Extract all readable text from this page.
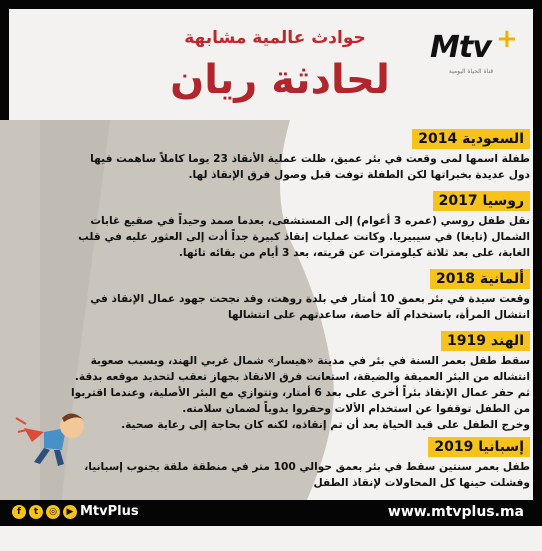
حوادث عالمية مشابهة
لحادثة ريان
Mtv +
قناة الحياة اليومية
السعودية 2014
طفلة اسمها لمى وقعت في بئر عميق، ظلت عملية الأنقاذ 23 يوما كاملاً ساهمت فيها
دول عديدة بخبراتها لكن الطفلة توفت قبل وصول فرق الإنقاذ لها.
روسيا 2017
نقل طفل روسي (عمره 3 أعوام) إلى المستشفى، بعدما صمد وحيداً في صقيع غابات
الشمال (تايغا) في سيبيريا. وكانت عمليات إنقاذ كبيرة جداً أدت إلى العثور عليه في قلب
الغابة، على بعد ثلاثة كيلومترات عن قريته، بعد 3 أيام من بقائه تائها.
ألمانية 2018
وقعت سيدة في بئر بعمق 10 أمتار في بلدة روهت، وقد نجحت جهود عمال الإنقاذ في
انتشال المرأة، باستخدام آلة خاصة، ساعدتهم على انتشالها
الهند 1919
سقط طفل بعمر السنة في بئر في مدينة «هيسار» شمال غربي الهند، وبسبب صعوبة
انتشاله من البئر العميقة والضيقة، استعانت فرق الانقاذ بجهاز تعقب لتحديد موقعه بدقة.
ثم حفر عمال الإنقاذ بئراً أخرى على بعد 6 أمتار، وتتوازي مع البئر الأصلية، وعندما اقتربوا
من الطفل توقفوا عن استخدام الألات وحفروا يدوياً لضمان سلامته.
وخرج الطفل على قيد الحياة بعد أن تم إنقاذه، لكنه كان بحاجة إلى رعاية صحية.
إسبانيا 2019
طفل بعمر سنتين سقط في بئر بعمق حوالي 100 متر في منطقة ملقة بجنوب إسبانيا،
وفشلت حينها كل المحاولات لإنقاذ الطفل
f	t	◎	▶ MtvPlus	www.mtvplus.ma
